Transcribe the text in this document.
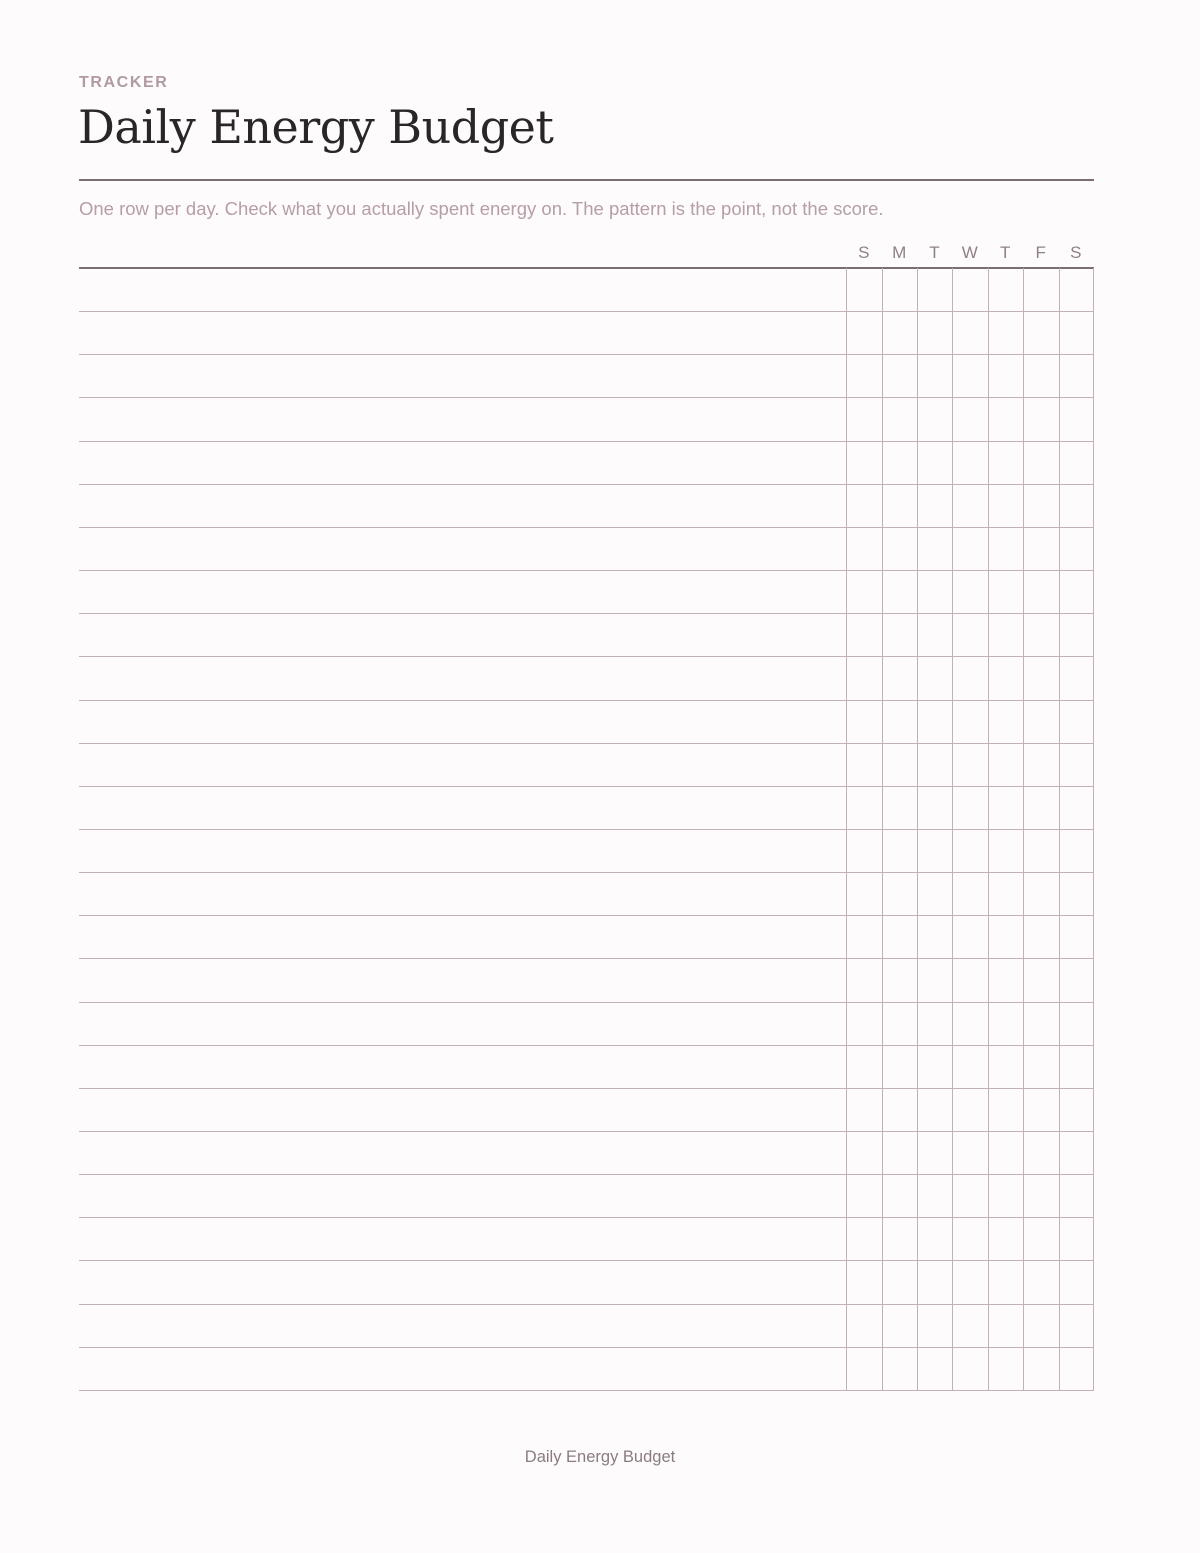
TRACKER

Daily Energy Budget

One row per day. Check what you actually spent energy on. The pattern is the point, not the score.

S	M	T	W	T	F	S

Daily Energy Budget
